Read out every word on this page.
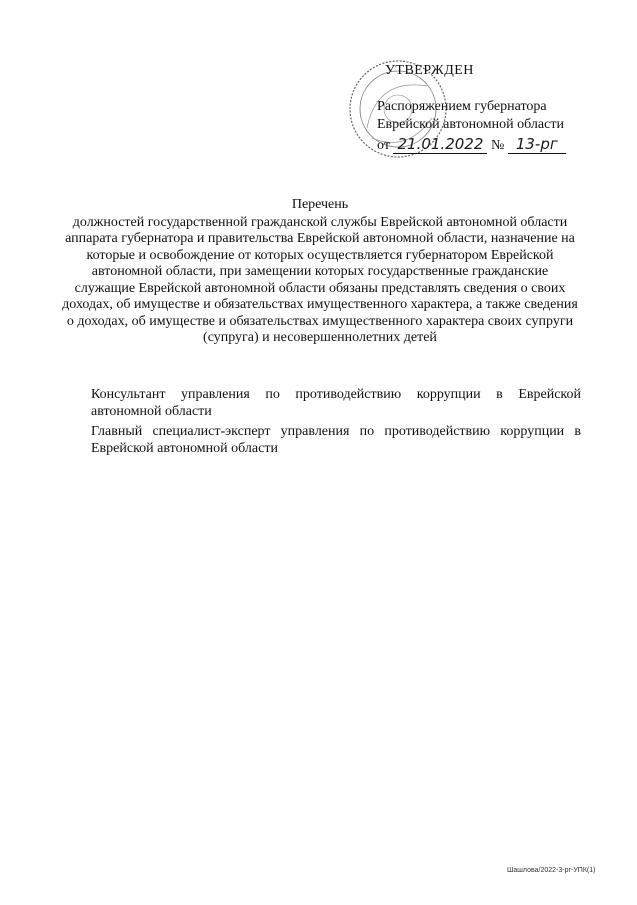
УТВЕРЖДЕН
Распоряжением губернатора
Еврейской автономной области
от 21.01.2022 № 13-рг
Перечень
должностей государственной гражданской службы Еврейской автономной области аппарата губернатора и правительства Еврейской автономной области, назначение на которые и освобождение от которых осуществляется губернатором Еврейской автономной области, при замещении которых государственные гражданские служащие Еврейской автономной области обязаны представлять сведения о своих доходах, об имуществе и обязательствах имущественного характера, а также сведения о доходах, об имуществе и обязательствах имущественного характера своих супруги (супруга) и несовершеннолетних детей

Консультант управления по противодействию коррупции в Еврейской автономной области

Главный специалист-эксперт управления по противодействию коррупции в Еврейской автономной области

Шашлова/2022-3-рг-УПК(1)
